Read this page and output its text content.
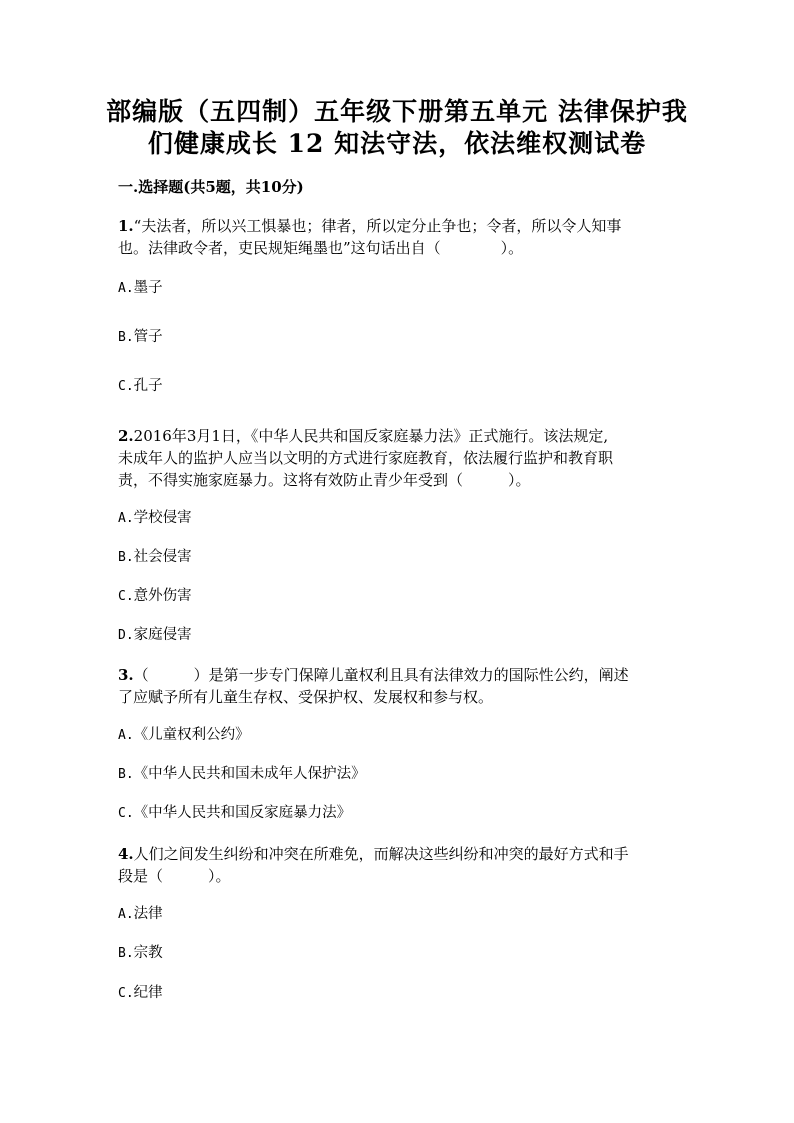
部编版（五四制）五年级下册第五单元 法律保护我
们健康成长 12 知法守法，依法维权测试卷
一.选择题(共5题，共10分)
1.“夫法者，所以兴工惧暴也；律者，所以定分止争也；令者，所以令人知事
也。法律政令者，吏民规矩绳墨也”这句话出自（　　　　）。
A.墨子
B.管子
C.孔子
2.2016年3月1日，《中华人民共和国反家庭暴力法》正式施行。该法规定,
未成年人的监护人应当以文明的方式进行家庭教育，依法履行监护和教育职
责，不得实施家庭暴力。这将有效防止青少年受到（　　　）。
A.学校侵害
B.社会侵害
C.意外伤害
D.家庭侵害
3.（　　　）是第一步专门保障儿童权利且具有法律效力的国际性公约，阐述
了应赋予所有儿童生存权、受保护权、发展权和参与权。
A.《儿童权利公约》
B.《中华人民共和国未成年人保护法》
C.《中华人民共和国反家庭暴力法》
4.人们之间发生纠纷和冲突在所难免，而解决这些纠纷和冲突的最好方式和手
段是（　　　）。
A.法律
B.宗教
C.纪律
